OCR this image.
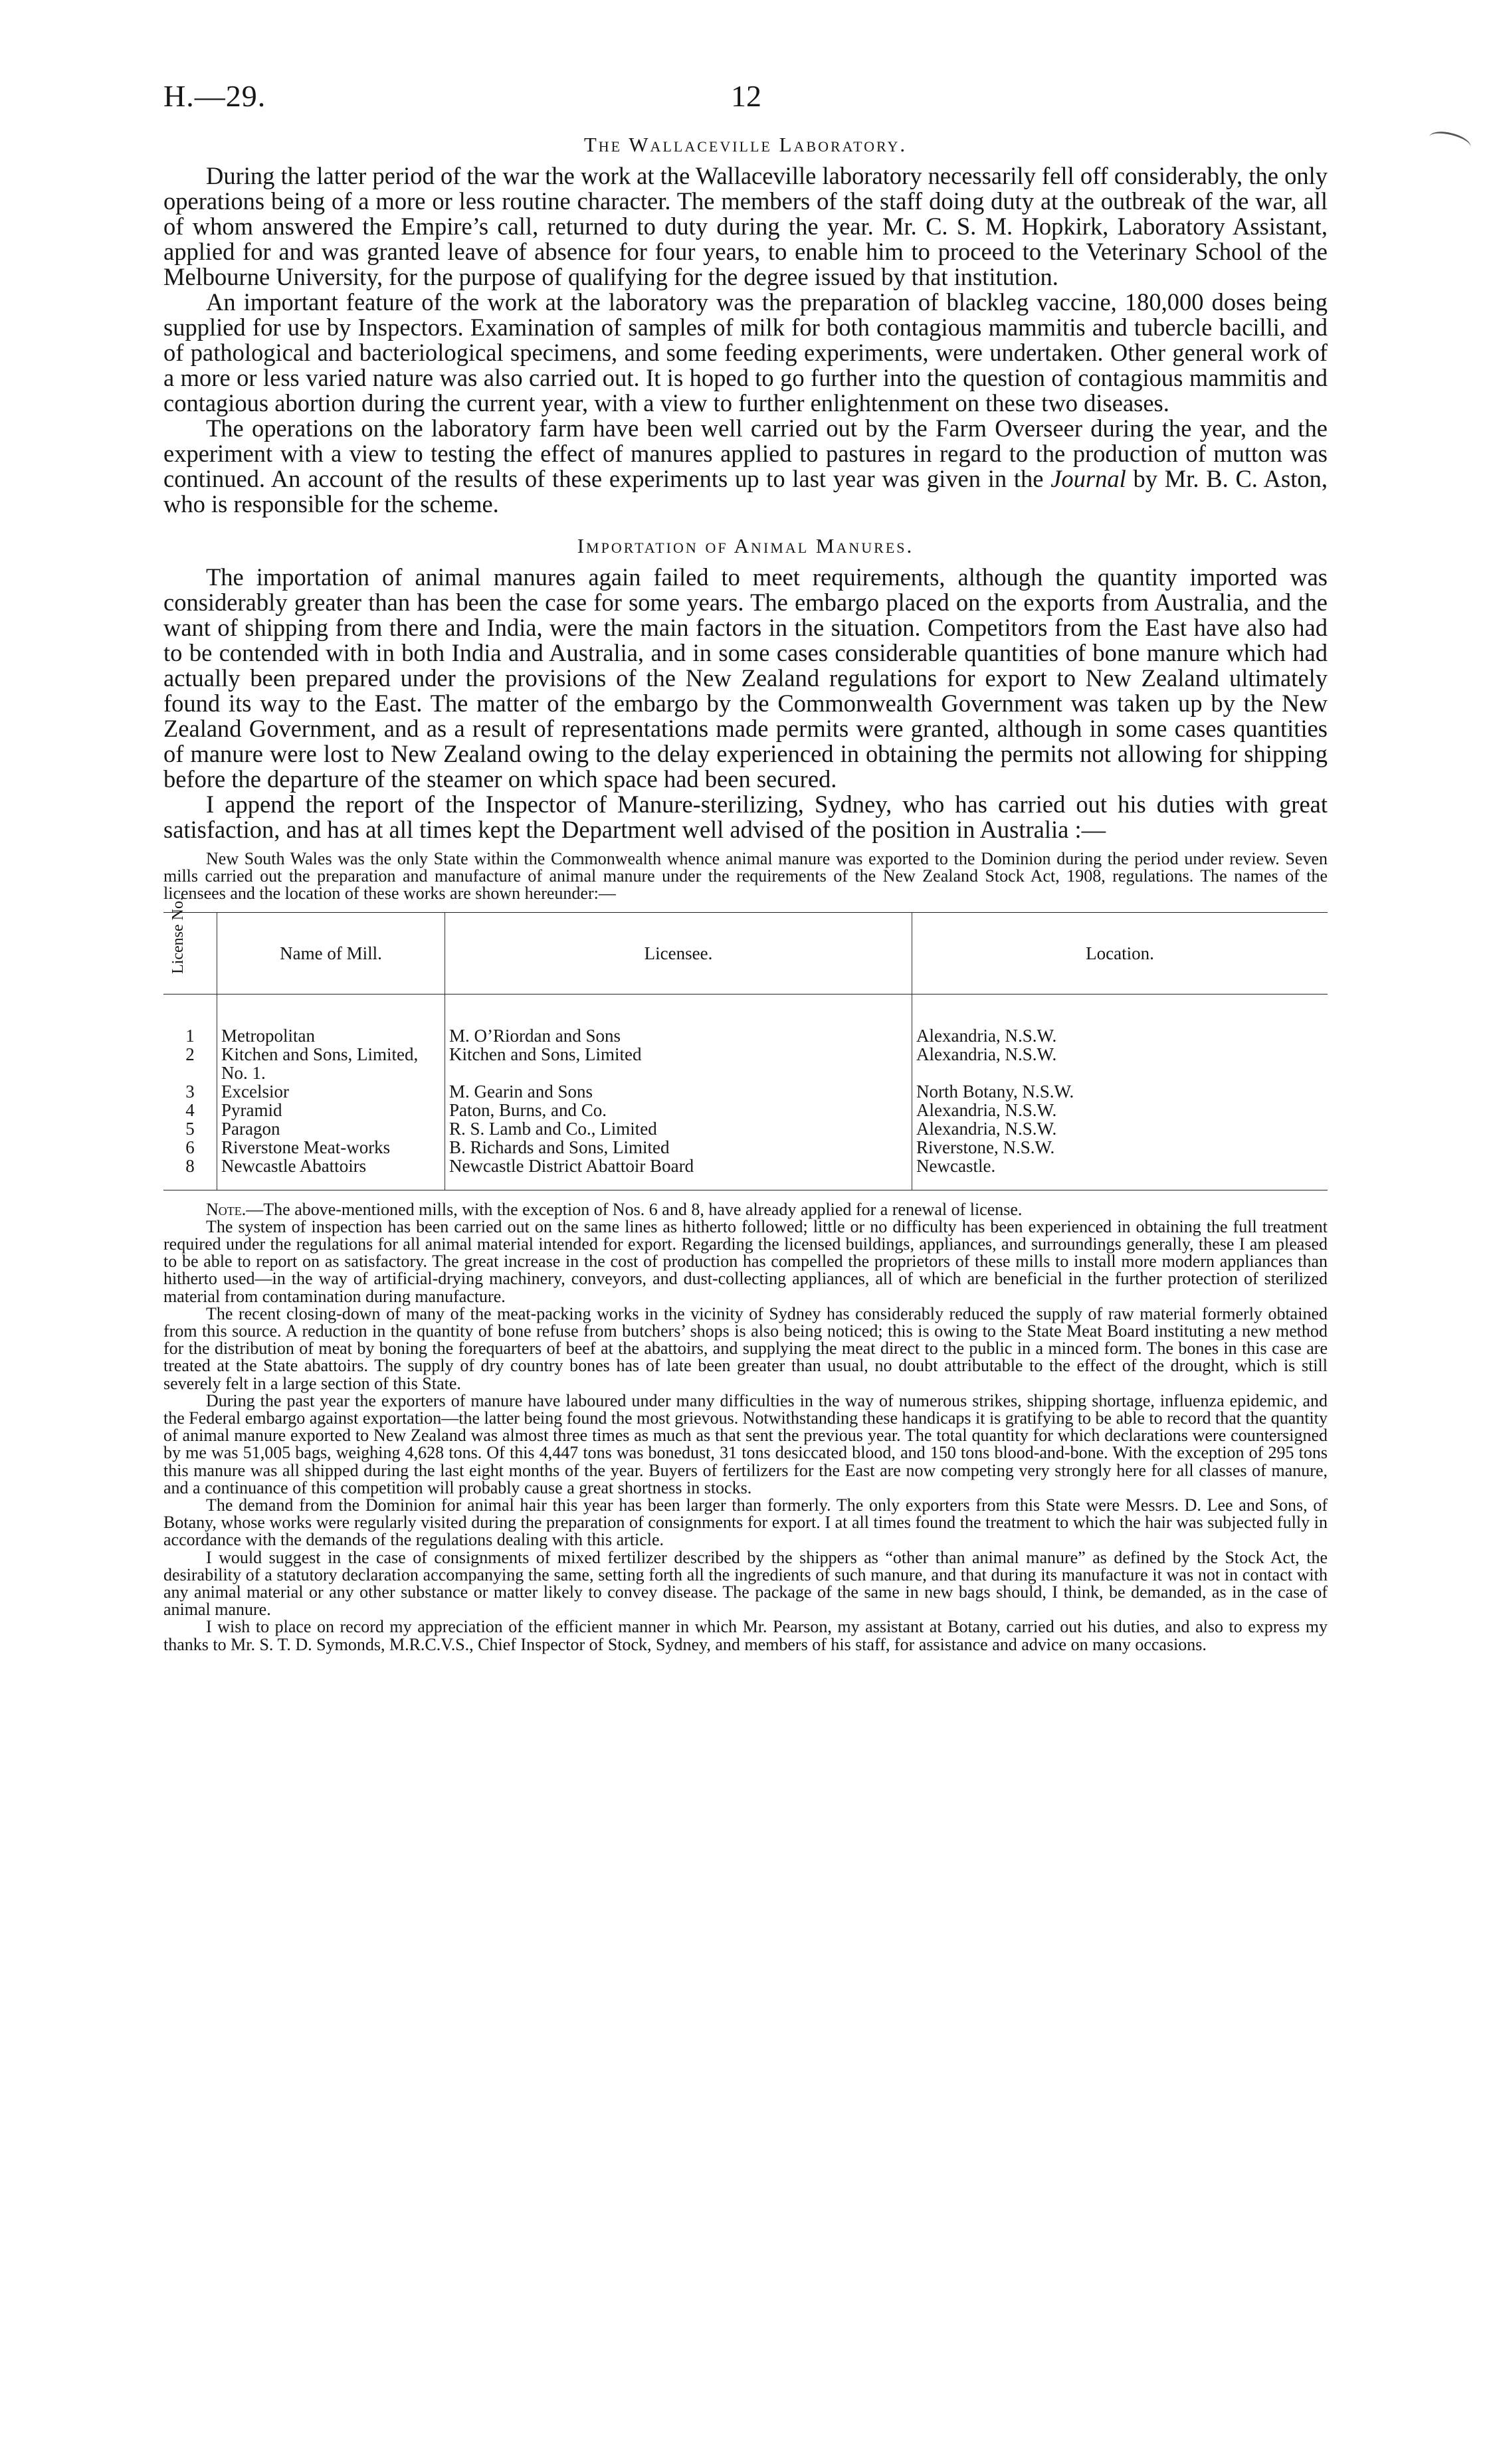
H.—29.	12
The Wallaceville Laboratory.

During the latter period of the war the work at the Wallaceville laboratory necessarily fell off considerably, the only operations being of a more or less routine character. The members of the staff doing duty at the outbreak of the war, all of whom answered the Empire’s call, returned to duty during the year. Mr. C. S. M. Hopkirk, Laboratory Assistant, applied for and was granted leave of absence for four years, to enable him to proceed to the Veterinary School of the Melbourne University, for the purpose of qualifying for the degree issued by that institution.

An important feature of the work at the laboratory was the preparation of blackleg vaccine, 180,000 doses being supplied for use by Inspectors. Examination of samples of milk for both contagious mammitis and tubercle bacilli, and of pathological and bacteriological specimens, and some feeding experiments, were undertaken. Other general work of a more or less varied nature was also carried out. It is hoped to go further into the question of contagious mammitis and contagious abortion during the current year, with a view to further enlightenment on these two diseases.

The operations on the laboratory farm have been well carried out by the Farm Overseer during the year, and the experiment with a view to testing the effect of manures applied to pastures in regard to the production of mutton was continued. An account of the results of these experiments up to last year was given in the Journal by Mr. B. C. Aston, who is responsible for the scheme.

Importation of Animal Manures.

The importation of animal manures again failed to meet requirements, although the quantity imported was considerably greater than has been the case for some years. The embargo placed on the exports from Australia, and the want of shipping from there and India, were the main factors in the situation. Competitors from the East have also had to be contended with in both India and Australia, and in some cases considerable quantities of bone manure which had actually been prepared under the provisions of the New Zealand regulations for export to New Zealand ultimately found its way to the East. The matter of the embargo by the Commonwealth Government was taken up by the New Zealand Government, and as a result of representations made permits were granted, although in some cases quantities of manure were lost to New Zealand owing to the delay experienced in obtaining the permits not allowing for shipping before the departure of the steamer on which space had been secured.

I append the report of the Inspector of Manure-sterilizing, Sydney, who has carried out his duties with great satisfaction, and has at all times kept the Department well advised of the position in Australia :—

New South Wales was the only State within the Commonwealth whence animal manure was exported to the Dominion during the period under review. Seven mills carried out the preparation and manufacture of animal manure under the requirements of the New Zealand Stock Act, 1908, regulations. The names of the licensees and the location of these works are shown hereunder:—

License No.	Name of Mill.	Licensee.	Location.

1	Metropolitan	M. O’Riordan and Sons	Alexandria, N.S.W.
2	Kitchen and Sons, Limited, No. 1.	Kitchen and Sons, Limited	Alexandria, N.S.W.
3	Excelsior	M. Gearin and Sons	North Botany, N.S.W.
4	Pyramid	Paton, Burns, and Co.	Alexandria, N.S.W.
5	Paragon	R. S. Lamb and Co., Limited	Alexandria, N.S.W.
6	Riverstone Meat-works	B. Richards and Sons, Limited	Riverstone, N.S.W.
8	Newcastle Abattoirs	Newcastle District Abattoir Board	Newcastle.

Note.—The above-mentioned mills, with the exception of Nos. 6 and 8, have already applied for a renewal of license.

The system of inspection has been carried out on the same lines as hitherto followed; little or no difficulty has been experienced in obtaining the full treatment required under the regulations for all animal material intended for export. Regarding the licensed buildings, appliances, and surroundings generally, these I am pleased to be able to report on as satisfactory. The great increase in the cost of production has compelled the proprietors of these mills to install more modern appliances than hitherto used—in the way of artificial-drying machinery, conveyors, and dust-collecting appliances, all of which are beneficial in the further protection of sterilized material from contamination during manufacture.

The recent closing-down of many of the meat-packing works in the vicinity of Sydney has considerably reduced the supply of raw material formerly obtained from this source. A reduction in the quantity of bone refuse from butchers’ shops is also being noticed; this is owing to the State Meat Board instituting a new method for the distribution of meat by boning the forequarters of beef at the abattoirs, and supplying the meat direct to the public in a minced form. The bones in this case are treated at the State abattoirs. The supply of dry country bones has of late been greater than usual, no doubt attributable to the effect of the drought, which is still severely felt in a large section of this State.

During the past year the exporters of manure have laboured under many difficulties in the way of numerous strikes, shipping shortage, influenza epidemic, and the Federal embargo against exportation—the latter being found the most grievous. Notwithstanding these handicaps it is gratifying to be able to record that the quantity of animal manure exported to New Zealand was almost three times as much as that sent the previous year. The total quantity for which declarations were countersigned by me was 51,005 bags, weighing 4,628 tons. Of this 4,447 tons was bonedust, 31 tons desiccated blood, and 150 tons blood-and-bone. With the exception of 295 tons this manure was all shipped during the last eight months of the year. Buyers of fertilizers for the East are now competing very strongly here for all classes of manure, and a continuance of this competition will probably cause a great shortness in stocks.

The demand from the Dominion for animal hair this year has been larger than formerly. The only exporters from this State were Messrs. D. Lee and Sons, of Botany, whose works were regularly visited during the preparation of consignments for export. I at all times found the treatment to which the hair was subjected fully in accordance with the demands of the regulations dealing with this article.

I would suggest in the case of consignments of mixed fertilizer described by the shippers as “other than animal manure” as defined by the Stock Act, the desirability of a statutory declaration accompanying the same, setting forth all the ingredients of such manure, and that during its manufacture it was not in contact with any animal material or any other substance or matter likely to convey disease. The package of the same in new bags should, I think, be demanded, as in the case of animal manure.

I wish to place on record my appreciation of the efficient manner in which Mr. Pearson, my assistant at Botany, carried out his duties, and also to express my thanks to Mr. S. T. D. Symonds, M.R.C.V.S., Chief Inspector of Stock, Sydney, and members of his staff, for assistance and advice on many occasions.
